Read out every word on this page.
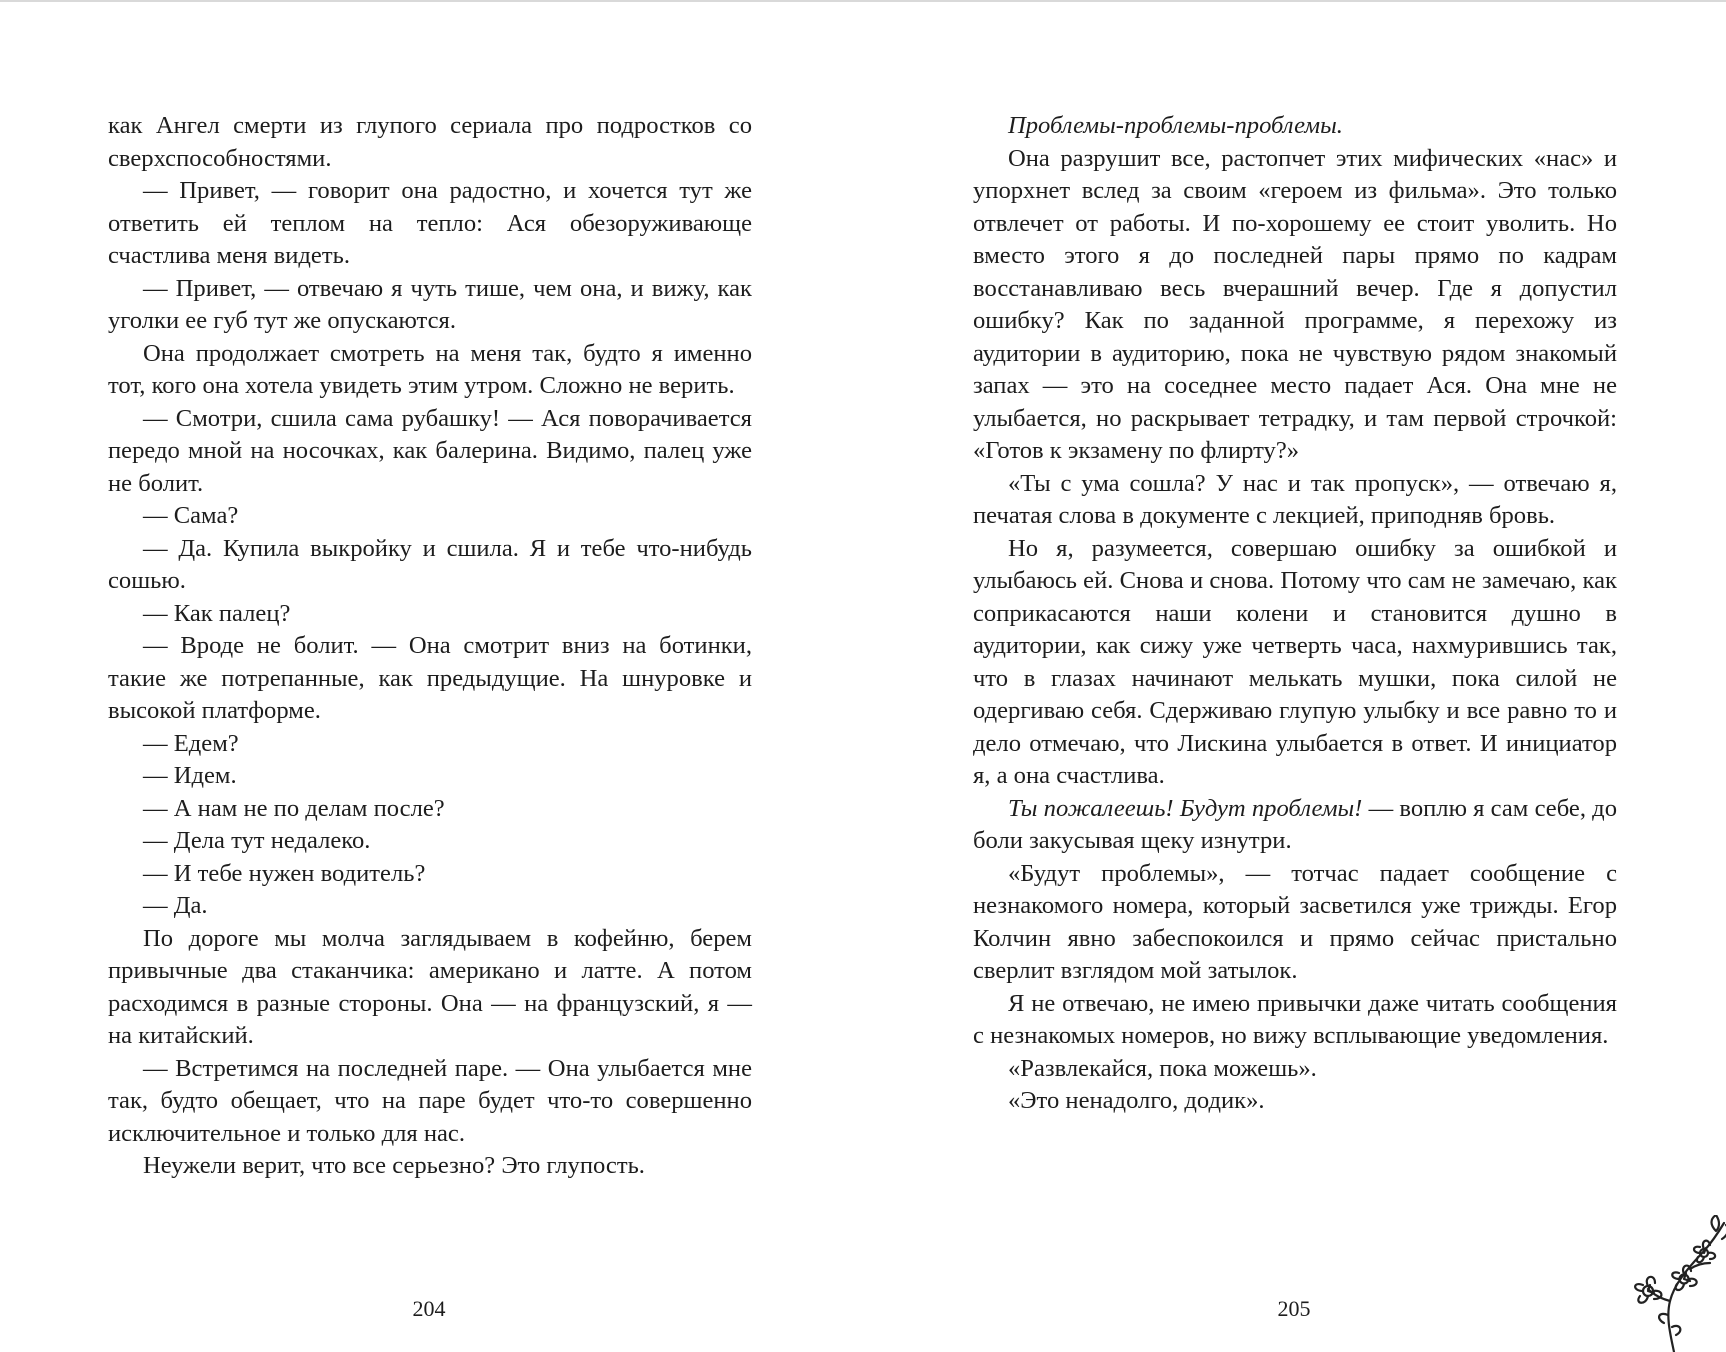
как Ангел смерти из глупого сериала про подростков со сверхспособностями.

— Привет, — говорит она радостно, и хочется тут же ответить ей теплом на тепло: Ася обезоруживающе счастлива меня видеть.

— Привет, — отвечаю я чуть тише, чем она, и вижу, как уголки ее губ тут же опускаются.

Она продолжает смотреть на меня так, будто я именно тот, кого она хотела увидеть этим утром. Сложно не верить.

— Смотри, сшила сама рубашку! — Ася поворачивается передо мной на носочках, как балерина. Видимо, палец уже не болит.

— Сама?

— Да. Купила выкройку и сшила. Я и тебе что-нибудь сошью.

— Как палец?

— Вроде не болит. — Она смотрит вниз на ботинки, такие же потрепанные, как предыдущие. На шнуровке и высокой платформе.

— Едем?

— Идем.

— А нам не по делам после?

— Дела тут недалеко.

— И тебе нужен водитель?

— Да.

По дороге мы молча заглядываем в кофейню, берем привычные два стаканчика: американо и латте. А потом расходимся в разные стороны. Она — на французский, я — на китайский.

— Встретимся на последней паре. — Она улыбается мне так, будто обещает, что на паре будет что-то совершенно исключительное и только для нас.

Неужели верит, что все серьезно? Это глупость.

204

Проблемы-проблемы-проблемы.

Она разрушит все, растопчет этих мифических «нас» и упорхнет вслед за своим «героем из фильма». Это только отвлечет от работы. И по-хорошему ее стоит уволить. Но вместо этого я до последней пары прямо по кадрам восстанавливаю весь вчерашний вечер. Где я допустил ошибку? Как по заданной программе, я перехожу из аудитории в аудиторию, пока не чувствую рядом знакомый запах — это на соседнее место падает Ася. Она мне не улыбается, но раскрывает тетрадку, и там первой строчкой: «Готов к экзамену по флирту?»

«Ты с ума сошла? У нас и так пропуск», — отвечаю я, печатая слова в документе с лекцией, приподняв бровь.

Но я, разумеется, совершаю ошибку за ошибкой и улыбаюсь ей. Снова и снова. Потому что сам не замечаю, как соприкасаются наши колени и становится душно в аудитории, как сижу уже четверть часа, нахмурившись так, что в глазах начинают мелькать мушки, пока силой не одергиваю себя. Сдерживаю глупую улыбку и все равно то и дело отмечаю, что Лискина улыбается в ответ. И инициатор я, а она счастлива.

Ты пожалеешь! Будут проблемы! — воплю я сам себе, до боли закусывая щеку изнутри.

«Будут проблемы», — тотчас падает сообщение с незнакомого номера, который засветился уже трижды. Егор Колчин явно забеспокоился и прямо сейчас пристально сверлит взглядом мой затылок.

Я не отвечаю, не имею привычки даже читать сообщения с незнакомых номеров, но вижу всплывающие уведомления.

«Развлекайся, пока можешь».

«Это ненадолго, додик».

205
